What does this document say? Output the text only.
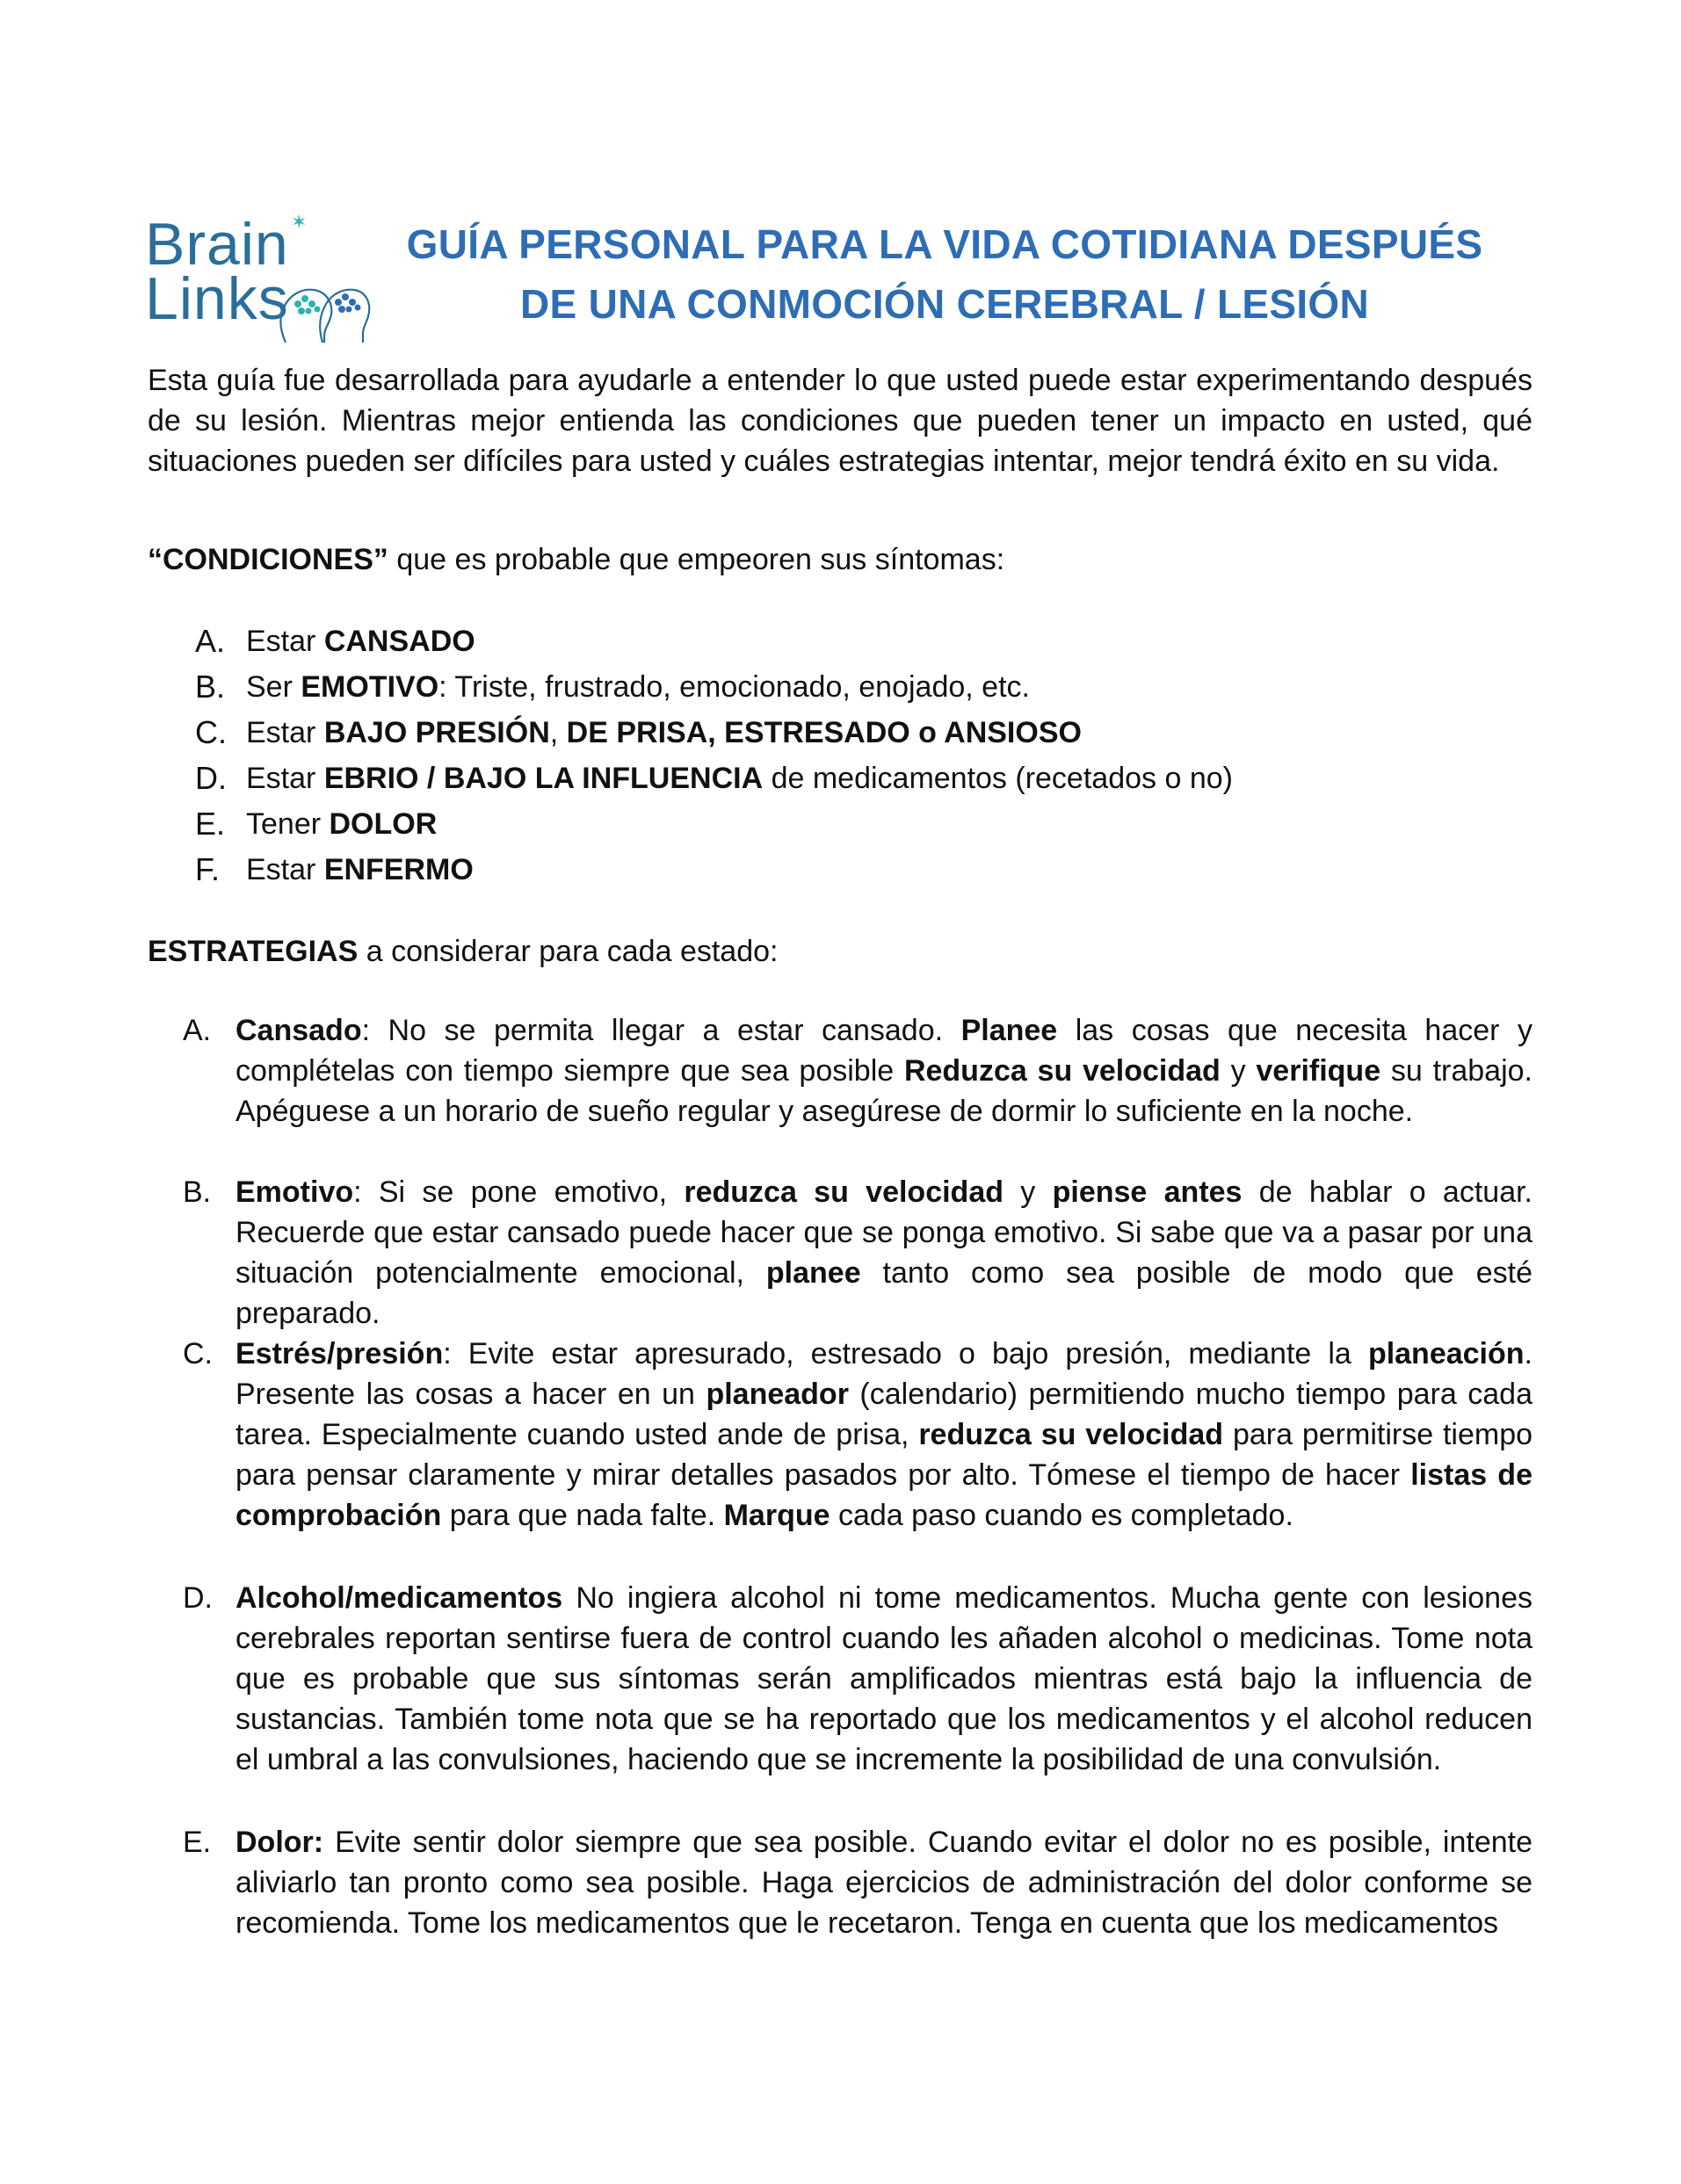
Brain ✶
Links
GUÍA PERSONAL PARA LA VIDA COTIDIANA DESPUÉS
DE UNA CONMOCIÓN CEREBRAL / LESIÓN
Esta guía fue desarrollada para ayudarle a entender lo que usted puede estar experimentando después de su lesión. Mientras mejor entienda las condiciones que pueden tener un impacto en usted, qué situaciones pueden ser difíciles para usted y cuáles estrategias intentar, mejor tendrá éxito en su vida.
“CONDICIONES” que es probable que empeoren sus síntomas:
A. Estar CANSADO
B. Ser EMOTIVO: Triste, frustrado, emocionado, enojado, etc.
C. Estar BAJO PRESIÓN, DE PRISA, ESTRESADO o ANSIOSO
D. Estar EBRIO / BAJO LA INFLUENCIA de medicamentos (recetados o no)
E. Tener DOLOR
F. Estar ENFERMO
ESTRATEGIAS a considerar para cada estado:
A. Cansado: No se permita llegar a estar cansado. Planee las cosas que necesita hacer y complételas con tiempo siempre que sea posible Reduzca su velocidad y verifique su trabajo. Apéguese a un horario de sueño regular y asegúrese de dormir lo suficiente en la noche.
B. Emotivo: Si se pone emotivo, reduzca su velocidad y piense antes de hablar o actuar. Recuerde que estar cansado puede hacer que se ponga emotivo. Si sabe que va a pasar por una situación potencialmente emocional, planee tanto como sea posible de modo que esté preparado.
C. Estrés/presión: Evite estar apresurado, estresado o bajo presión, mediante la planeación. Presente las cosas a hacer en un planeador (calendario) permitiendo mucho tiempo para cada tarea. Especialmente cuando usted ande de prisa, reduzca su velocidad para permitirse tiempo para pensar claramente y mirar detalles pasados por alto. Tómese el tiempo de hacer listas de comprobación para que nada falte. Marque cada paso cuando es completado.
D. Alcohol/medicamentos No ingiera alcohol ni tome medicamentos. Mucha gente con lesiones cerebrales reportan sentirse fuera de control cuando les añaden alcohol o medicinas. Tome nota que es probable que sus síntomas serán amplificados mientras está bajo la influencia de sustancias. También tome nota que se ha reportado que los medicamentos y el alcohol reducen el umbral a las convulsiones, haciendo que se incremente la posibilidad de una convulsión.
E. Dolor: Evite sentir dolor siempre que sea posible. Cuando evitar el dolor no es posible, intente aliviarlo tan pronto como sea posible. Haga ejercicios de administración del dolor conforme se recomienda. Tome los medicamentos que le recetaron. Tenga en cuenta que los medicamentos
